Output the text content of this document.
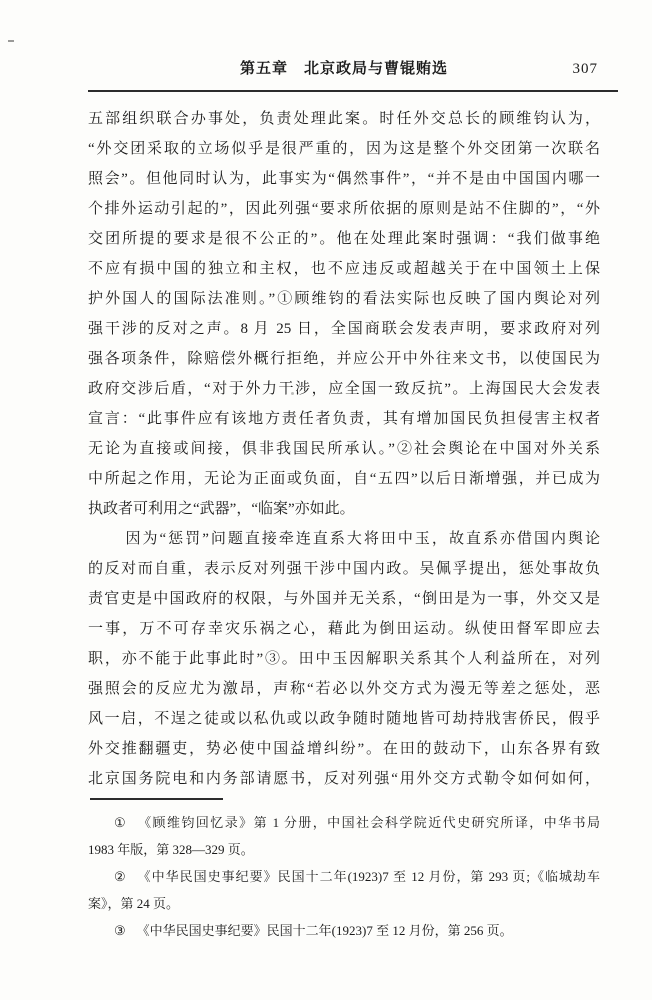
第五章　北京政局与曹锟贿选	307
五部组织联合办事处，负责处理此案。时任外交总长的顾维钧认为，
“外交团采取的立场似乎是很严重的，因为这是整个外交团第一次联名
照会”。但他同时认为，此事实为“偶然事件”，“并不是由中国国内哪一
个排外运动引起的”，因此列强“要求所依据的原则是站不住脚的”，“外
交团所提的要求是很不公正的”。他在处理此案时强调：“我们做事绝
不应有损中国的独立和主权，也不应违反或超越关于在中国领土上保
护外国人的国际法准则。”①顾维钧的看法实际也反映了国内舆论对列
强干涉的反对之声。8 月 25 日，全国商联会发表声明，要求政府对列
强各项条件，除赔偿外概行拒绝，并应公开中外往来文书，以使国民为
政府交涉后盾，“对于外力干涉，应全国一致反抗”。上海国民大会发表
宣言：“此事件应有该地方责任者负责，其有增加国民负担侵害主权者
无论为直接或间接，俱非我国民所承认。”②社会舆论在中国对外关系
中所起之作用，无论为正面或负面，自“五四”以后日渐增强，并已成为
执政者可利用之“武器”，“临案”亦如此。
因为“惩罚”问题直接牵连直系大将田中玉，故直系亦借国内舆论
的反对而自重，表示反对列强干涉中国内政。吴佩孚提出，惩处事故负
责官吏是中国政府的权限，与外国并无关系，“倒田是为一事，外交又是
一事，万不可存幸灾乐祸之心，藉此为倒田运动。纵使田督军即应去
职，亦不能于此事此时”③。田中玉因解职关系其个人利益所在，对列
强照会的反应尤为激昂，声称“若必以外交方式为漫无等差之惩处，恶
风一启，不逞之徒或以私仇或以政争随时随地皆可劫持戕害侨民，假乎
外交推翻疆吏，势必使中国益增纠纷”。在田的鼓动下，山东各界有致
北京国务院电和内务部请愿书，反对列强“用外交方式勒令如何如何，
① 《顾维钧回忆录》第 1 分册，中国社会科学院近代史研究所译，中华书局
1983 年版，第 328—329 页。
② 《中华民国史事纪要》民国十二年(1923)7 至 12 月份，第 293 页;《临城劫车
案》，第 24 页。
③ 《中华民国史事纪要》民国十二年(1923)7 至 12 月份，第 256 页。
